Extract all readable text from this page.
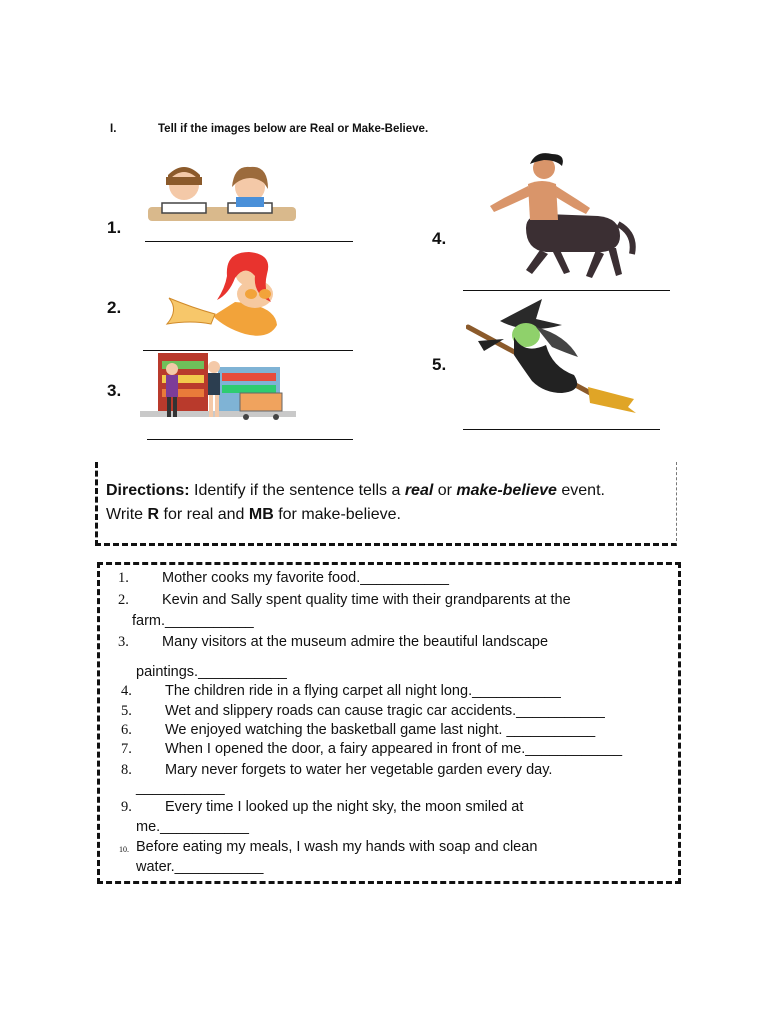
I.	Tell if the images below are Real or Make-Believe.
1.
2.
3.
4.
5.
Directions: Identify if the sentence tells a real or make-believe event.
Write R for real and MB for make-believe.
1. Mother cooks my favorite food.___________
2. Kevin and Sally spent quality time with their grandparents at the
farm.___________
3. Many visitors at the museum admire the beautiful landscape
paintings.___________
4. The children ride in a flying carpet all night long.___________
5. Wet and slippery roads can cause tragic car accidents.___________
6. We enjoyed watching the basketball game last night. ___________
7. When I opened the door, a fairy appeared in front of me.____________
8. Mary never forgets to water her vegetable garden every day.
___________
9. Every time I looked up the night sky, the moon smiled at
me.___________
10. Before eating my meals, I wash my hands with soap and clean
water.___________
